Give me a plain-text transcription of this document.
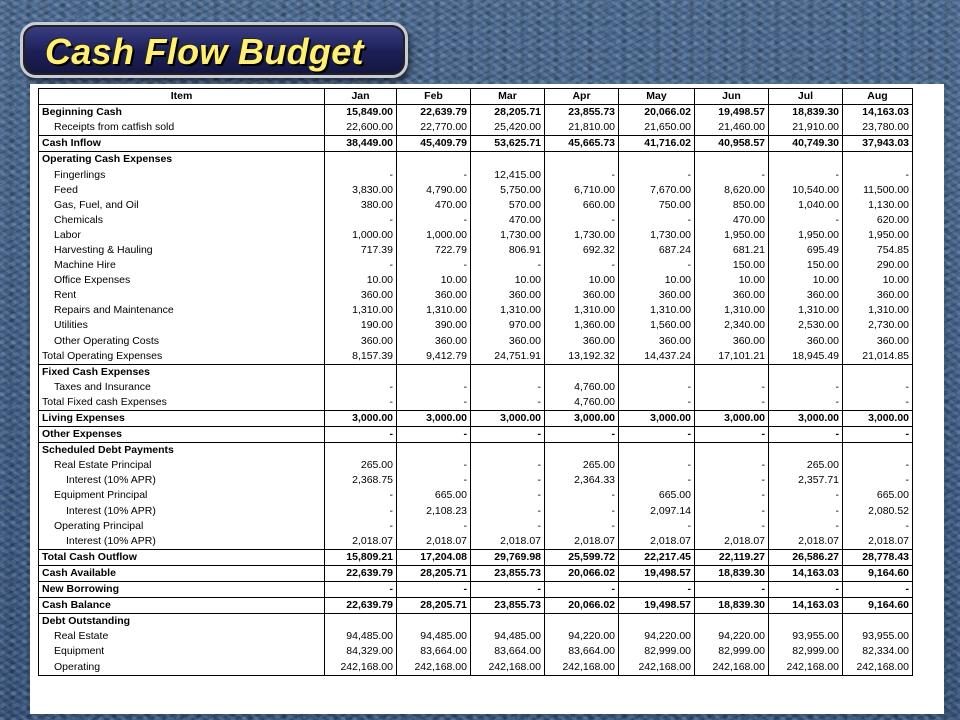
Cash Flow Budget
Item	Jan	Feb	Mar	Apr	May	Jun	Jul	Aug
Beginning Cash	15,849.00	22,639.79	28,205.71	23,855.73	20,066.02	19,498.57	18,839.30	14,163.03
Receipts from catfish sold	22,600.00	22,770.00	25,420.00	21,810.00	21,650.00	21,460.00	21,910.00	23,780.00
Cash Inflow	38,449.00	45,409.79	53,625.71	45,665.73	41,716.02	40,958.57	40,749.30	37,943.03
Operating Cash Expenses								
Fingerlings	-	-	12,415.00	-	-	-	-	-
Feed	3,830.00	4,790.00	5,750.00	6,710.00	7,670.00	8,620.00	10,540.00	11,500.00
Gas, Fuel, and Oil	380.00	470.00	570.00	660.00	750.00	850.00	1,040.00	1,130.00
Chemicals	-	-	470.00	-	-	470.00	-	620.00
Labor	1,000.00	1,000.00	1,730.00	1,730.00	1,730.00	1,950.00	1,950.00	1,950.00
Harvesting & Hauling	717.39	722.79	806.91	692.32	687.24	681.21	695.49	754.85
Machine Hire	-	-	-	-	-	150.00	150.00	290.00
Office Expenses	10.00	10.00	10.00	10.00	10.00	10.00	10.00	10.00
Rent	360.00	360.00	360.00	360.00	360.00	360.00	360.00	360.00
Repairs and Maintenance	1,310.00	1,310.00	1,310.00	1,310.00	1,310.00	1,310.00	1,310.00	1,310.00
Utilities	190.00	390.00	970.00	1,360.00	1,560.00	2,340.00	2,530.00	2,730.00
Other Operating Costs	360.00	360.00	360.00	360.00	360.00	360.00	360.00	360.00
Total Operating Expenses	8,157.39	9,412.79	24,751.91	13,192.32	14,437.24	17,101.21	18,945.49	21,014.85
Fixed Cash Expenses								
Taxes and Insurance	-	-	-	4,760.00	-	-	-	-
Total Fixed cash Expenses	-	-	-	4,760.00	-	-	-	-
Living Expenses	3,000.00	3,000.00	3,000.00	3,000.00	3,000.00	3,000.00	3,000.00	3,000.00
Other Expenses	-	-	-	-	-	-	-	-
Scheduled Debt Payments								
Real Estate Principal	265.00	-	-	265.00	-	-	265.00	-
Interest (10% APR)	2,368.75	-	-	2,364.33	-	-	2,357.71	-
Equipment Principal	-	665.00	-	-	665.00	-	-	665.00
Interest (10% APR)	-	2,108.23	-	-	2,097.14	-	-	2,080.52
Operating Principal	-	-	-	-	-	-	-	-
Interest (10% APR)	2,018.07	2,018.07	2,018.07	2,018.07	2,018.07	2,018.07	2,018.07	2,018.07
Total Cash Outflow	15,809.21	17,204.08	29,769.98	25,599.72	22,217.45	22,119.27	26,586.27	28,778.43
Cash Available	22,639.79	28,205.71	23,855.73	20,066.02	19,498.57	18,839.30	14,163.03	9,164.60
New Borrowing	-	-	-	-	-	-	-	-
Cash Balance	22,639.79	28,205.71	23,855.73	20,066.02	19,498.57	18,839.30	14,163.03	9,164.60
Debt Outstanding								
Real Estate	94,485.00	94,485.00	94,485.00	94,220.00	94,220.00	94,220.00	93,955.00	93,955.00
Equipment	84,329.00	83,664.00	83,664.00	83,664.00	82,999.00	82,999.00	82,999.00	82,334.00
Operating	242,168.00	242,168.00	242,168.00	242,168.00	242,168.00	242,168.00	242,168.00	242,168.00
